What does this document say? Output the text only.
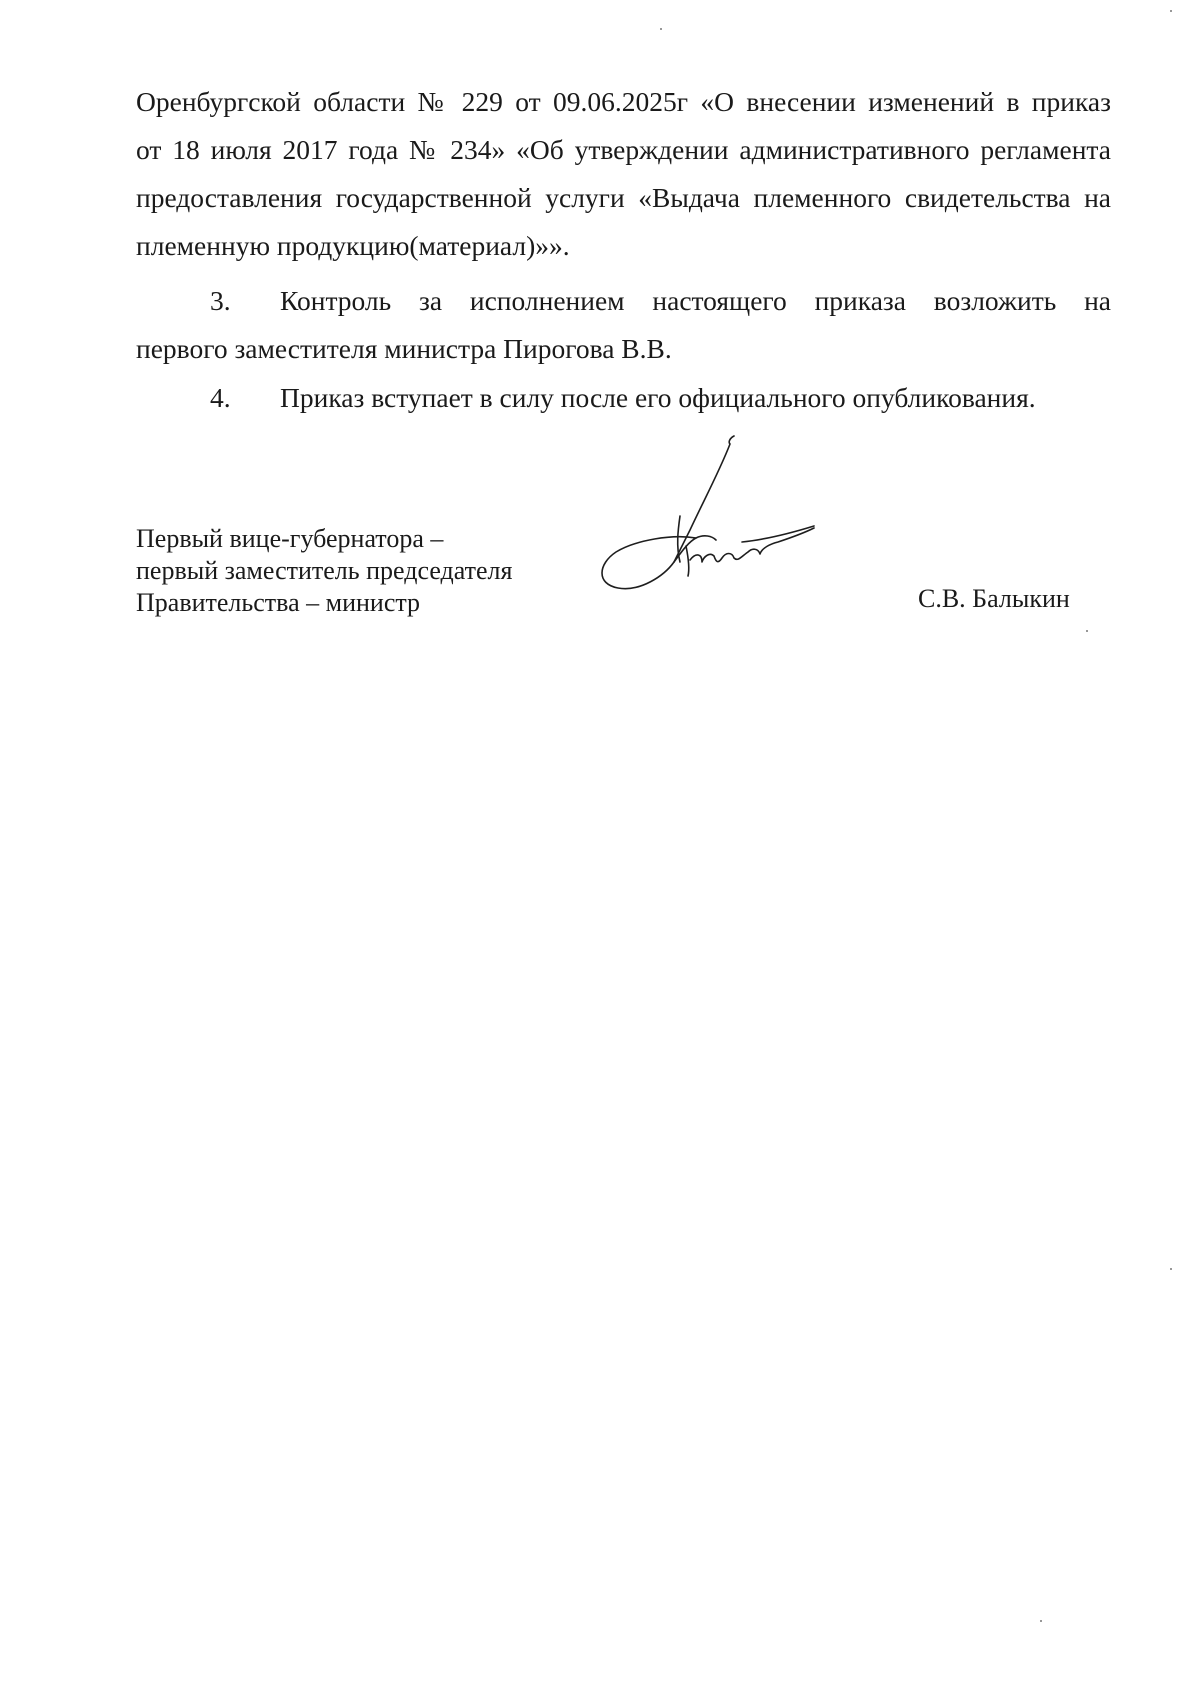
Оренбургской области № 229 от 09.06.2025г «О внесении изменений в приказ
от 18 июля 2017 года № 234» «Об утверждении административного регламента
предоставления государственной услуги «Выдача племенного свидетельства на
племенную продукцию(материал)»».
3.	Контроль за исполнением настоящего приказа возложить на
первого заместителя министра Пирогова В.В.
4.	Приказ вступает в силу после его официального опубликования.
Первый вице-губернатора –
первый заместитель председателя
Правительства – министр	С.В. Балыкин
